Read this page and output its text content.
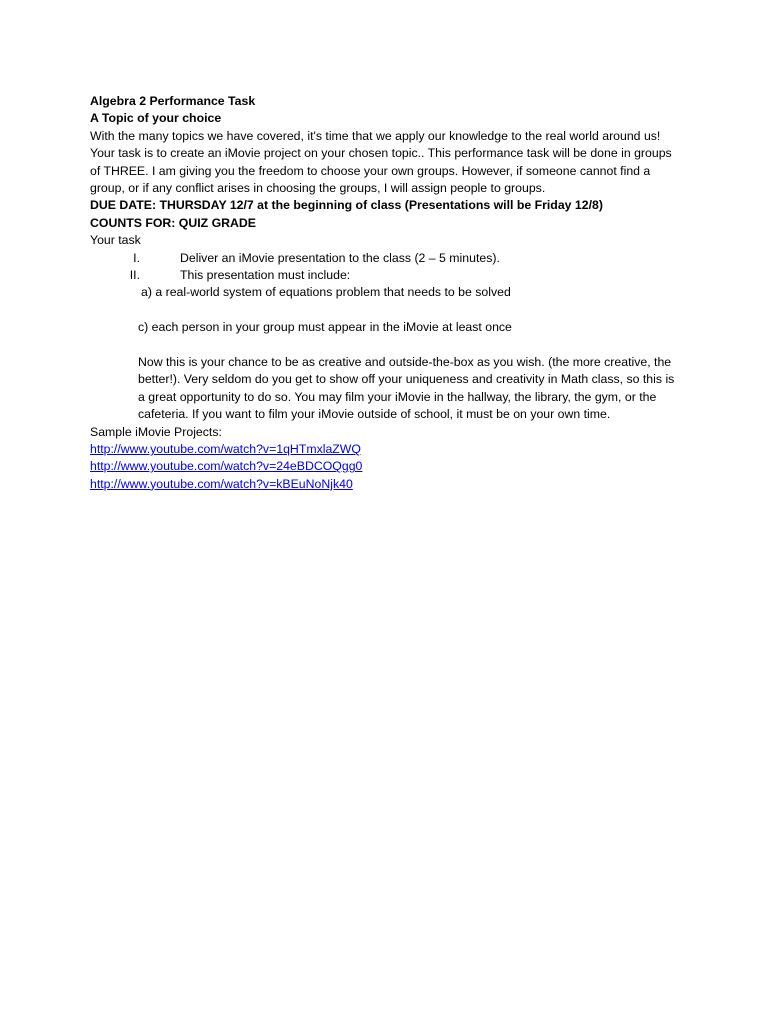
Algebra 2 Performance Task
A Topic of your choice
With the many topics we have covered, it's time that we apply our knowledge to the real world around us! Your task is to create an iMovie project on your chosen topic.. This performance task will be done in groups of THREE. I am giving you the freedom to choose your own groups. However, if someone cannot find a group, or if any conflict arises in choosing the groups, I will assign people to groups.
DUE DATE: THURSDAY 12/7 at the beginning of class (Presentations will be Friday 12/8)
COUNTS FOR: QUIZ GRADE
Your task
I.	Deliver an iMovie presentation to the class (2 – 5 minutes).
II.	This presentation must include:
a) a real-world system of equations problem that needs to be solved
c) each person in your group must appear in the iMovie at least once
Now this is your chance to be as creative and outside-the-box as you wish. (the more creative, the better!). Very seldom do you get to show off your uniqueness and creativity in Math class, so this is a great opportunity to do so. You may film your iMovie in the hallway, the library, the gym, or the cafeteria. If you want to film your iMovie outside of school, it must be on your own time.
Sample iMovie Projects:
http://www.youtube.com/watch?v=1qHTmxlaZWQ
http://www.youtube.com/watch?v=24eBDCOQgg0
http://www.youtube.com/watch?v=kBEuNoNjk40
